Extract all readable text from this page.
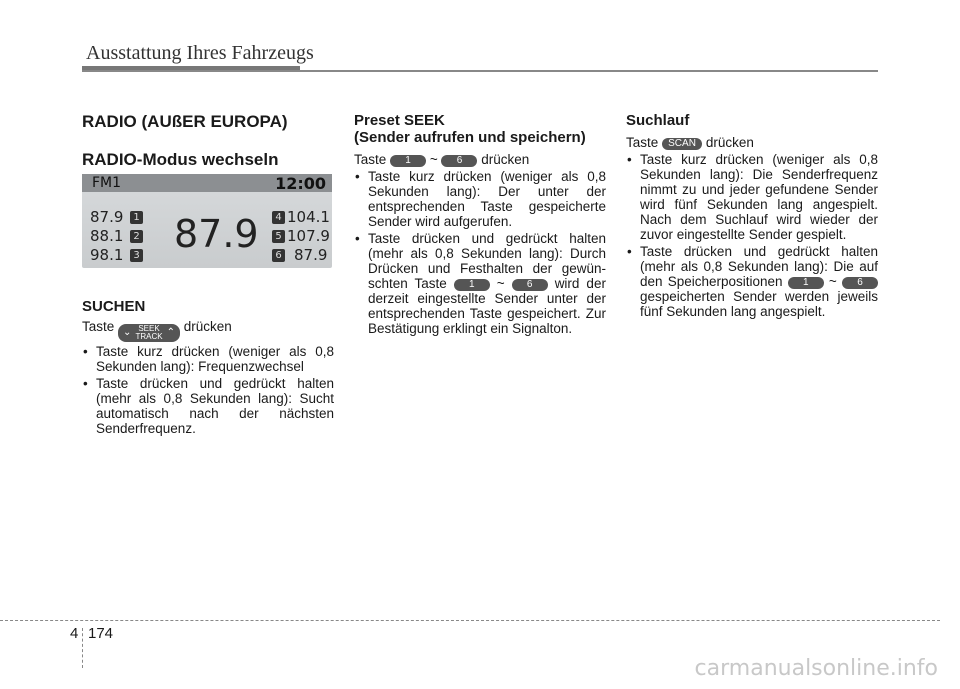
Ausstattung Ihres Fahrzeugs

RADIO (AUßER EUROPA)

RADIO-Modus wechseln

FM1	12:00
87.9
87.9 1
88.1 2
98.1 3
4 104.1
5 107.9
6 87.9

SUCHEN

Taste ⌄ SEEK
TRACK ⌃ drücken

• Taste kurz drücken (weniger als 0,8 Sekunden lang): Frequenzwechsel
• Taste drücken und gedrückt halten (mehr als 0,8 Sekunden lang): Sucht automatisch nach der nächsten Senderfrequenz.

Preset SEEK

(Sender aufrufen und speichern)

Taste 1 ~ 6 drücken

• Taste kurz drücken (weniger als 0,8 Sekunden lang): Der unter der entsprechenden Taste gespeicherte Sender wird aufgerufen.
• Taste drücken und gedrückt halten (mehr als 0,8 Sekunden lang): Durch Drücken und Festhalten der gewün-schten Taste 1 ~ 6 wird der derzeit eingestellte Sender unter der entsprechenden Taste gespeichert. Zur Bestätigung erklingt ein Signalton.

Suchlauf

Taste SCAN drücken

• Taste kurz drücken (weniger als 0,8 Sekunden lang): Die Senderfrequenz nimmt zu und jeder gefundene Sender wird fünf Sekunden lang angespielt. Nach dem Suchlauf wird wieder der zuvor eingestellte Sender gespielt.
• Taste drücken und gedrückt halten (mehr als 0,8 Sekunden lang): Die auf den Speicherpositionen 1 ~ 6 gespeicherten Sender werden jeweils fünf Sekunden lang angespielt.
4 174
carmanualsonline.info
